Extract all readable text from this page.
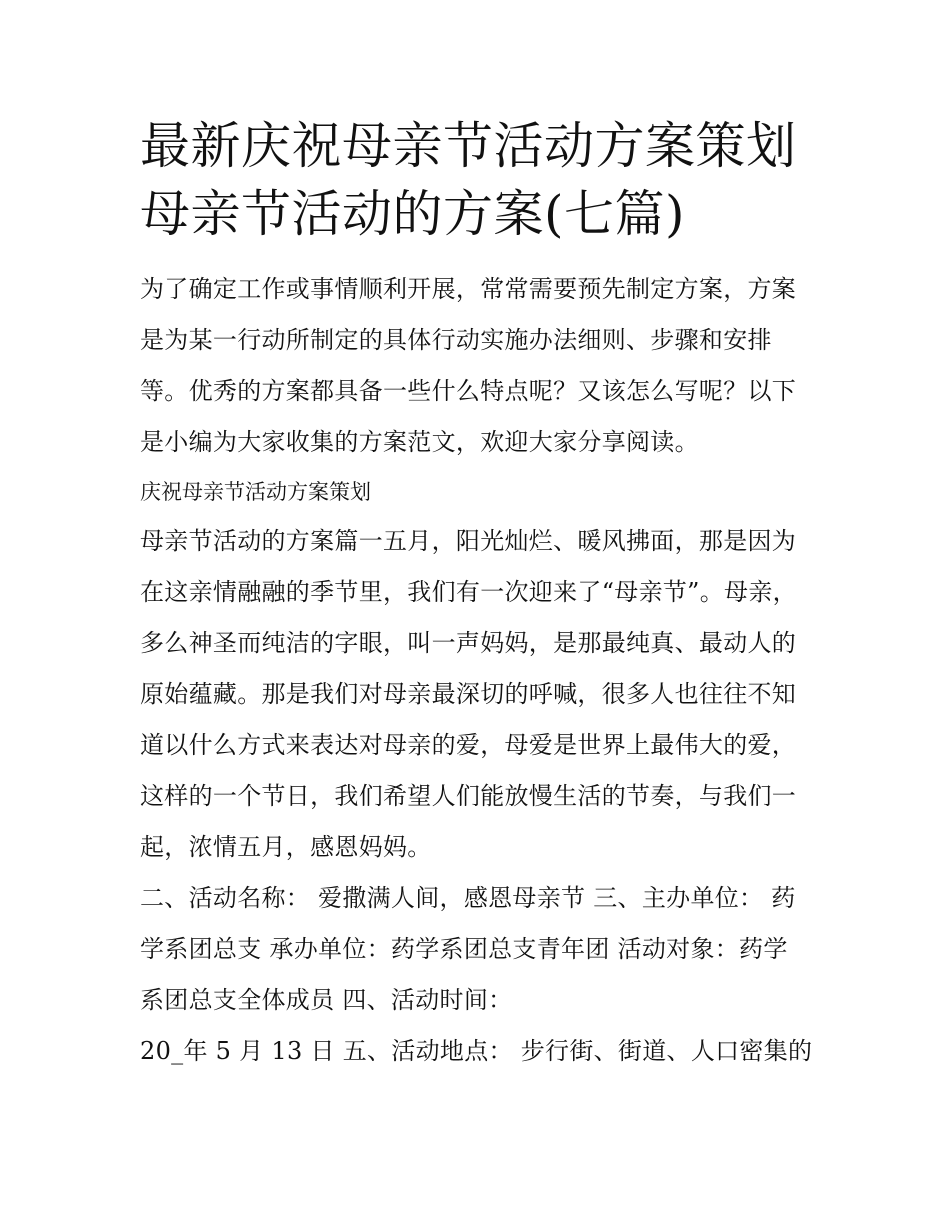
最新庆祝母亲节活动方案策划
母亲节活动的方案(七篇)

为了确定工作或事情顺利开展，常常需要预先制定方案，方案
是为某一行动所制定的具体行动实施办法细则、步骤和安排
等。优秀的方案都具备一些什么特点呢？又该怎么写呢？以下
是小编为大家收集的方案范文，欢迎大家分享阅读。

庆祝母亲节活动方案策划

母亲节活动的方案篇一五月，阳光灿烂、暖风拂面，那是因为
在这亲情融融的季节里，我们有一次迎来了“母亲节”。母亲，
多么神圣而纯洁的字眼，叫一声妈妈，是那最纯真、最动人的
原始蕴藏。那是我们对母亲最深切的呼喊，很多人也往往不知
道以什么方式来表达对母亲的爱，母爱是世界上最伟大的爱，
这样的一个节日，我们希望人们能放慢生活的节奏，与我们一
起，浓情五月，感恩妈妈。

二、活动名称： 爱撒满人间，感恩母亲节 三、主办单位： 药
学系团总支 承办单位：药学系团总支青年团 活动对象：药学
系团总支全体成员 四、活动时间：

20_年 5 月 13 日 五、活动地点： 步行街、街道、人口密集的
